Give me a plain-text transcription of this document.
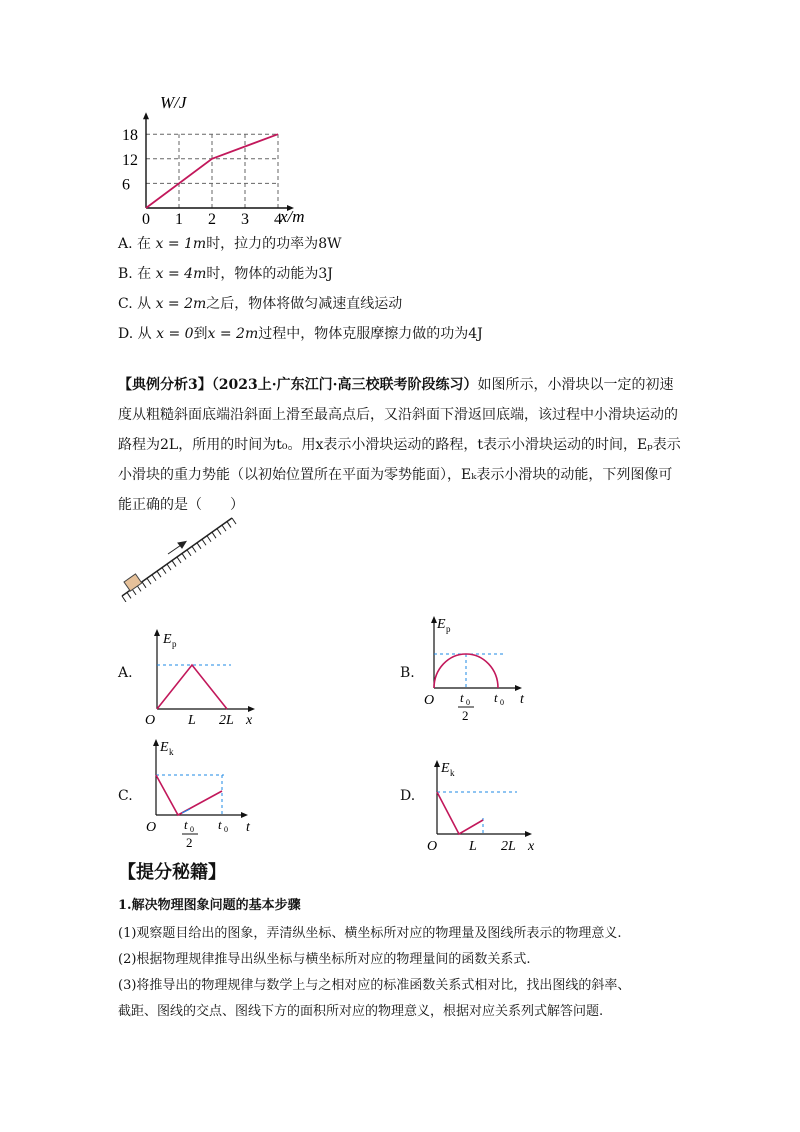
0 1 2 3 4
6
12
18
W/J
x/m
A. 在 x = 1m时，拉力的功率为8W
B. 在 x = 4m时，物体的动能为3J
C. 从 x = 2m之后，物体将做匀减速直线运动
D. 从 x = 0到x = 2m过程中，物体克服摩擦力做的功为4J
【典例分析3】（2023上·广东江门·高三校联考阶段练习）如图所示，小滑块以一定的初速度从粗糙斜面底端沿斜面上滑至最高点后，又沿斜面下滑返回底端，该过程中小滑块运动的路程为2L，所用的时间为t₀。用x表示小滑块运动的路程，t表示小滑块运动的时间，Eₚ表示小滑块的重力势能（以初始位置所在平面为零势能面），Eₖ表示小滑块的动能，下列图像可能正确的是（　　）
A.
E p
O L 2L x
B.
E p
O t 0
2
t 0 t
C.
E k
O t 0
2
t 0 t
D.
E k
O L 2L x
【提分秘籍】
1.解决物理图象问题的基本步骤
(1)观察题目给出的图象，弄清纵坐标、横坐标所对应的物理量及图线所表示的物理意义.
(2)根据物理规律推导出纵坐标与横坐标所对应的物理量间的函数关系式.
(3)将推导出的物理规律与数学上与之相对应的标准函数关系式相对比，找出图线的斜率、
截距、图线的交点、图线下方的面积所对应的物理意义，根据对应关系列式解答问题.
